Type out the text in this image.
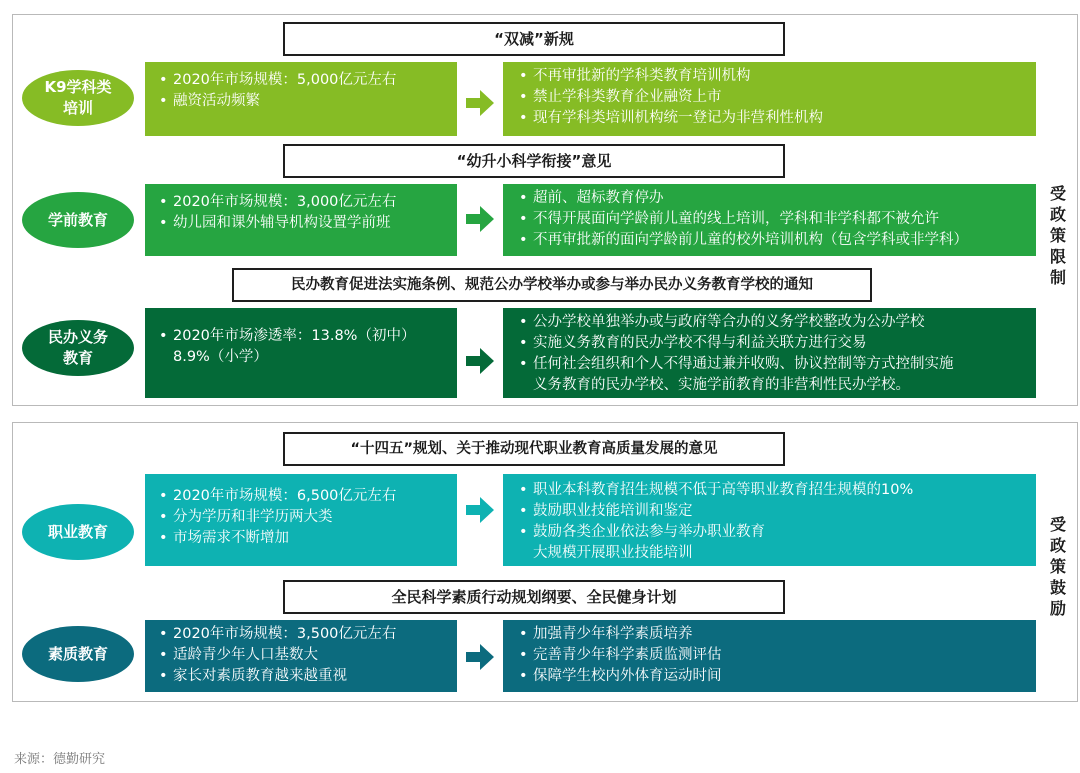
“双减”新规
K9学科类
培训
• 2020年市场规模：5,000亿元左右
• 融资活动频繁
• 不再审批新的学科类教育培训机构
• 禁止学科类教育企业融资上市
• 现有学科类培训机构统一登记为非营利性机构
“幼升小科学衔接”意见
学前教育
• 2020年市场规模：3,000亿元左右
• 幼儿园和课外辅导机构设置学前班
• 超前、超标教育停办
• 不得开展面向学龄前儿童的线上培训，学科和非学科都不被允许
• 不再审批新的面向学龄前儿童的校外培训机构（包含学科或非学科）
民办教育促进法实施条例、规范公办学校举办或参与举办民办义务教育学校的通知
民办义务
教育
• 2020年市场渗透率：13.8%（初中）
8.9%（小学）
• 公办学校单独举办或与政府等合办的义务学校整改为公办学校
• 实施义务教育的民办学校不得与利益关联方进行交易
• 任何社会组织和个人不得通过兼并收购、协议控制等方式控制实施
义务教育的民办学校、实施学前教育的非营利性民办学校。
受政策限制
“十四五”规划、关于推动现代职业教育高质量发展的意见
职业教育
• 2020年市场规模：6,500亿元左右
• 分为学历和非学历两大类
• 市场需求不断增加
• 职业本科教育招生规模不低于高等职业教育招生规模的10%
• 鼓励职业技能培训和鉴定
• 鼓励各类企业依法参与举办职业教育
大规模开展职业技能培训
全民科学素质行动规划纲要、全民健身计划
素质教育
• 2020年市场规模：3,500亿元左右
• 适龄青少年人口基数大
• 家长对素质教育越来越重视
• 加强青少年科学素质培养
• 完善青少年科学素质监测评估
• 保障学生校内外体育运动时间
受政策鼓励
来源：德勤研究
